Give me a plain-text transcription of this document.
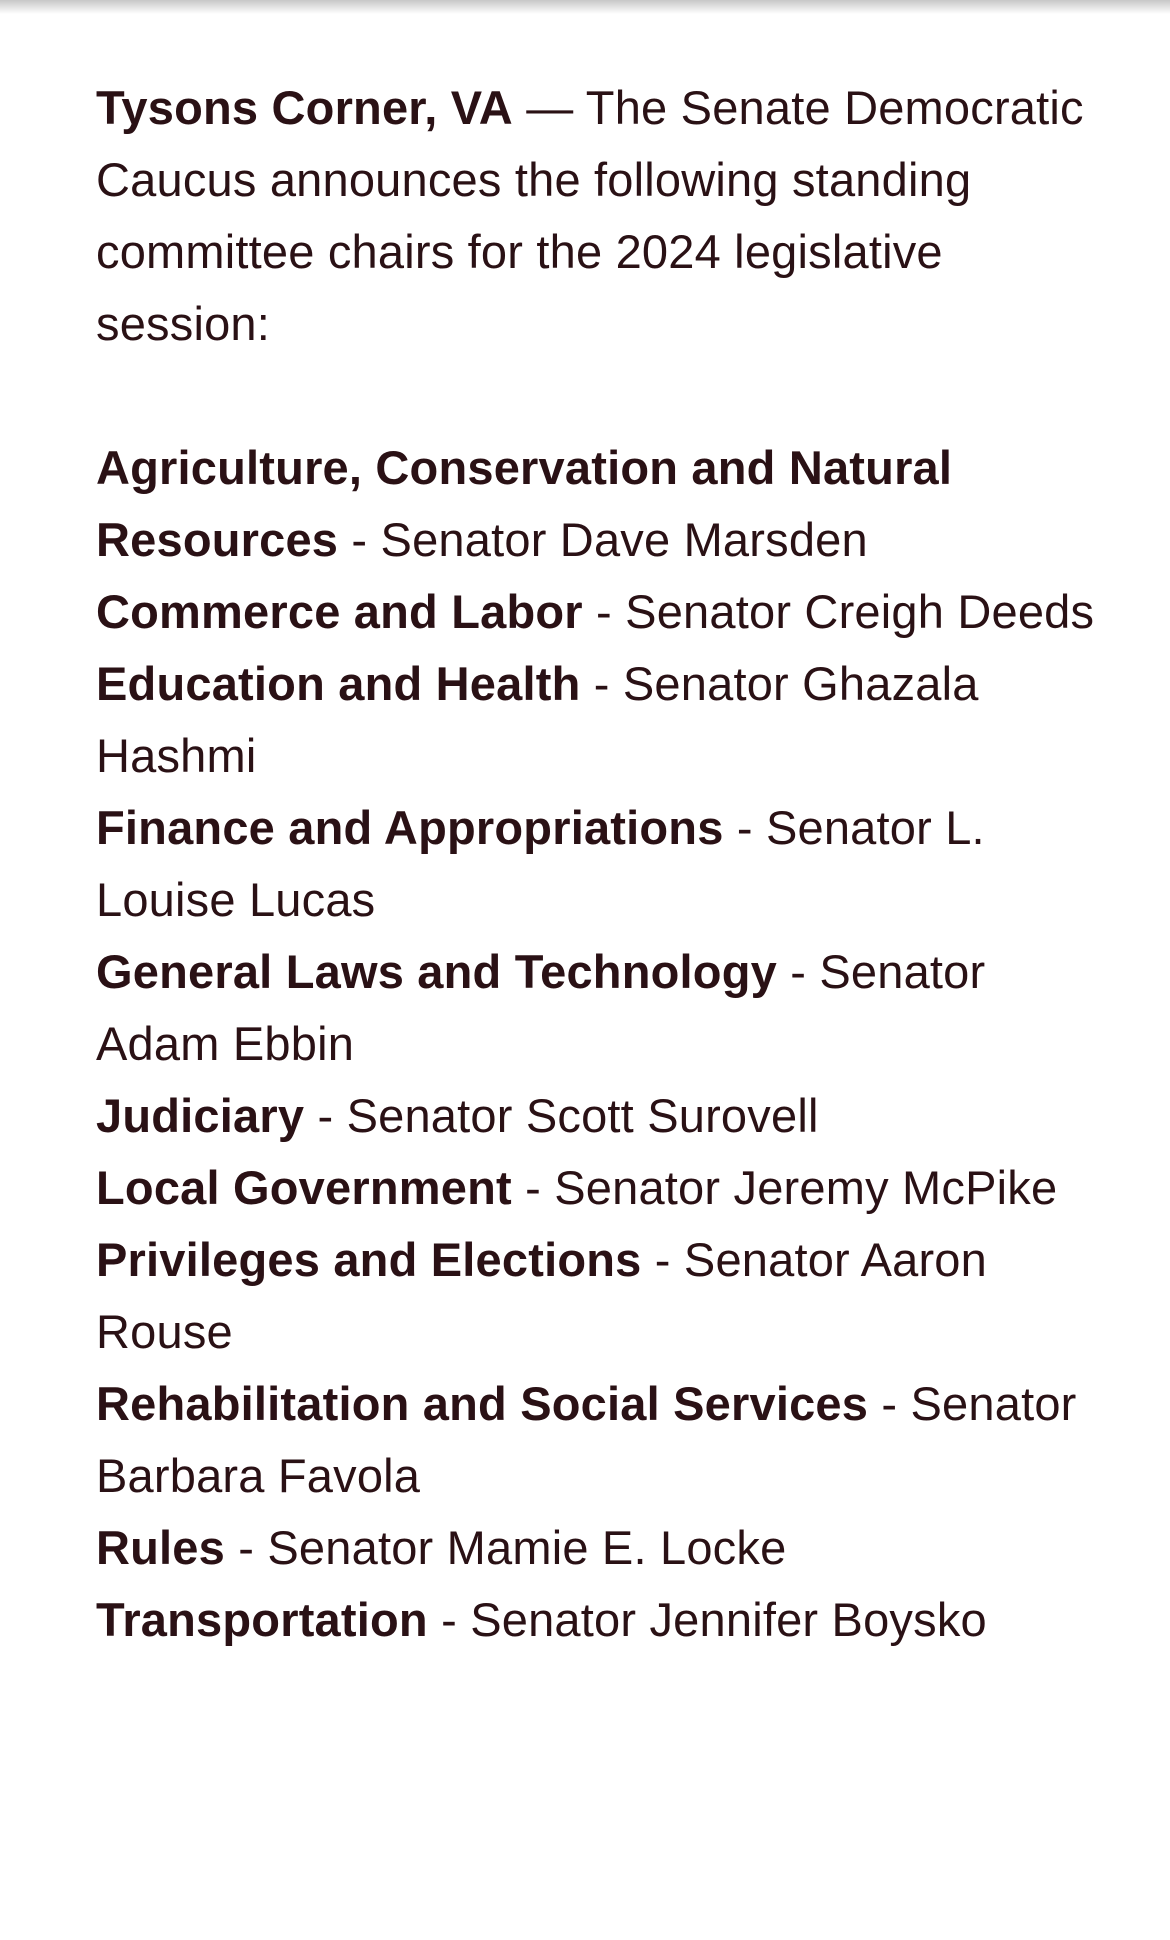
Tysons Corner, VA — The Senate Democratic Caucus announces the following standing committee chairs for the 2024 legislative session:

Agriculture, Conservation and Natural Resources - Senator Dave Marsden
Commerce and Labor - Senator Creigh Deeds
Education and Health - Senator Ghazala Hashmi
Finance and Appropriations - Senator L. Louise Lucas
General Laws and Technology - Senator Adam Ebbin
Judiciary - Senator Scott Surovell
Local Government - Senator Jeremy McPike
Privileges and Elections - Senator Aaron Rouse
Rehabilitation and Social Services - Senator Barbara Favola
Rules - Senator Mamie E. Locke
Transportation - Senator Jennifer Boysko
